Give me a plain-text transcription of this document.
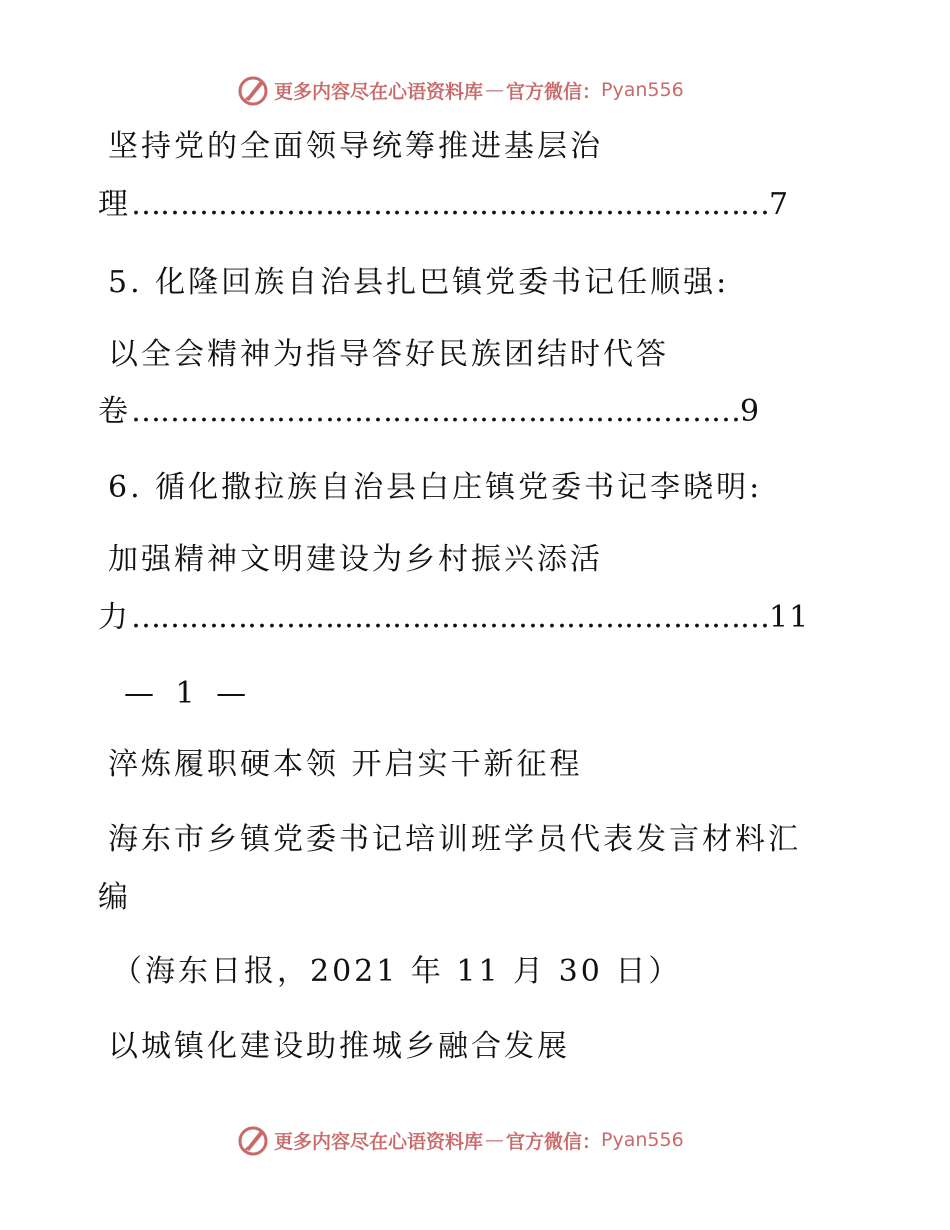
更多内容尽在心语资料库 — 官方微信： Pyan556
坚持党的全面领导统筹推进基层治
理…………………………………………………………7
5. 化隆回族自治县扎巴镇党委书记任顺强:
以全会精神为指导答好民族团结时代答
卷………………………………………………………9
6. 循化撒拉族自治县白庄镇党委书记李晓明:
加强精神文明建设为乡村振兴添活
力…………………………………………………………11
— 1 —
淬炼履职硬本领 开启实干新征程
海东市乡镇党委书记培训班学员代表发言材料汇
编
（海东日报，2021 年 11 月 30 日）
以城镇化建设助推城乡融合发展
更多内容尽在心语资料库 — 官方微信： Pyan556
